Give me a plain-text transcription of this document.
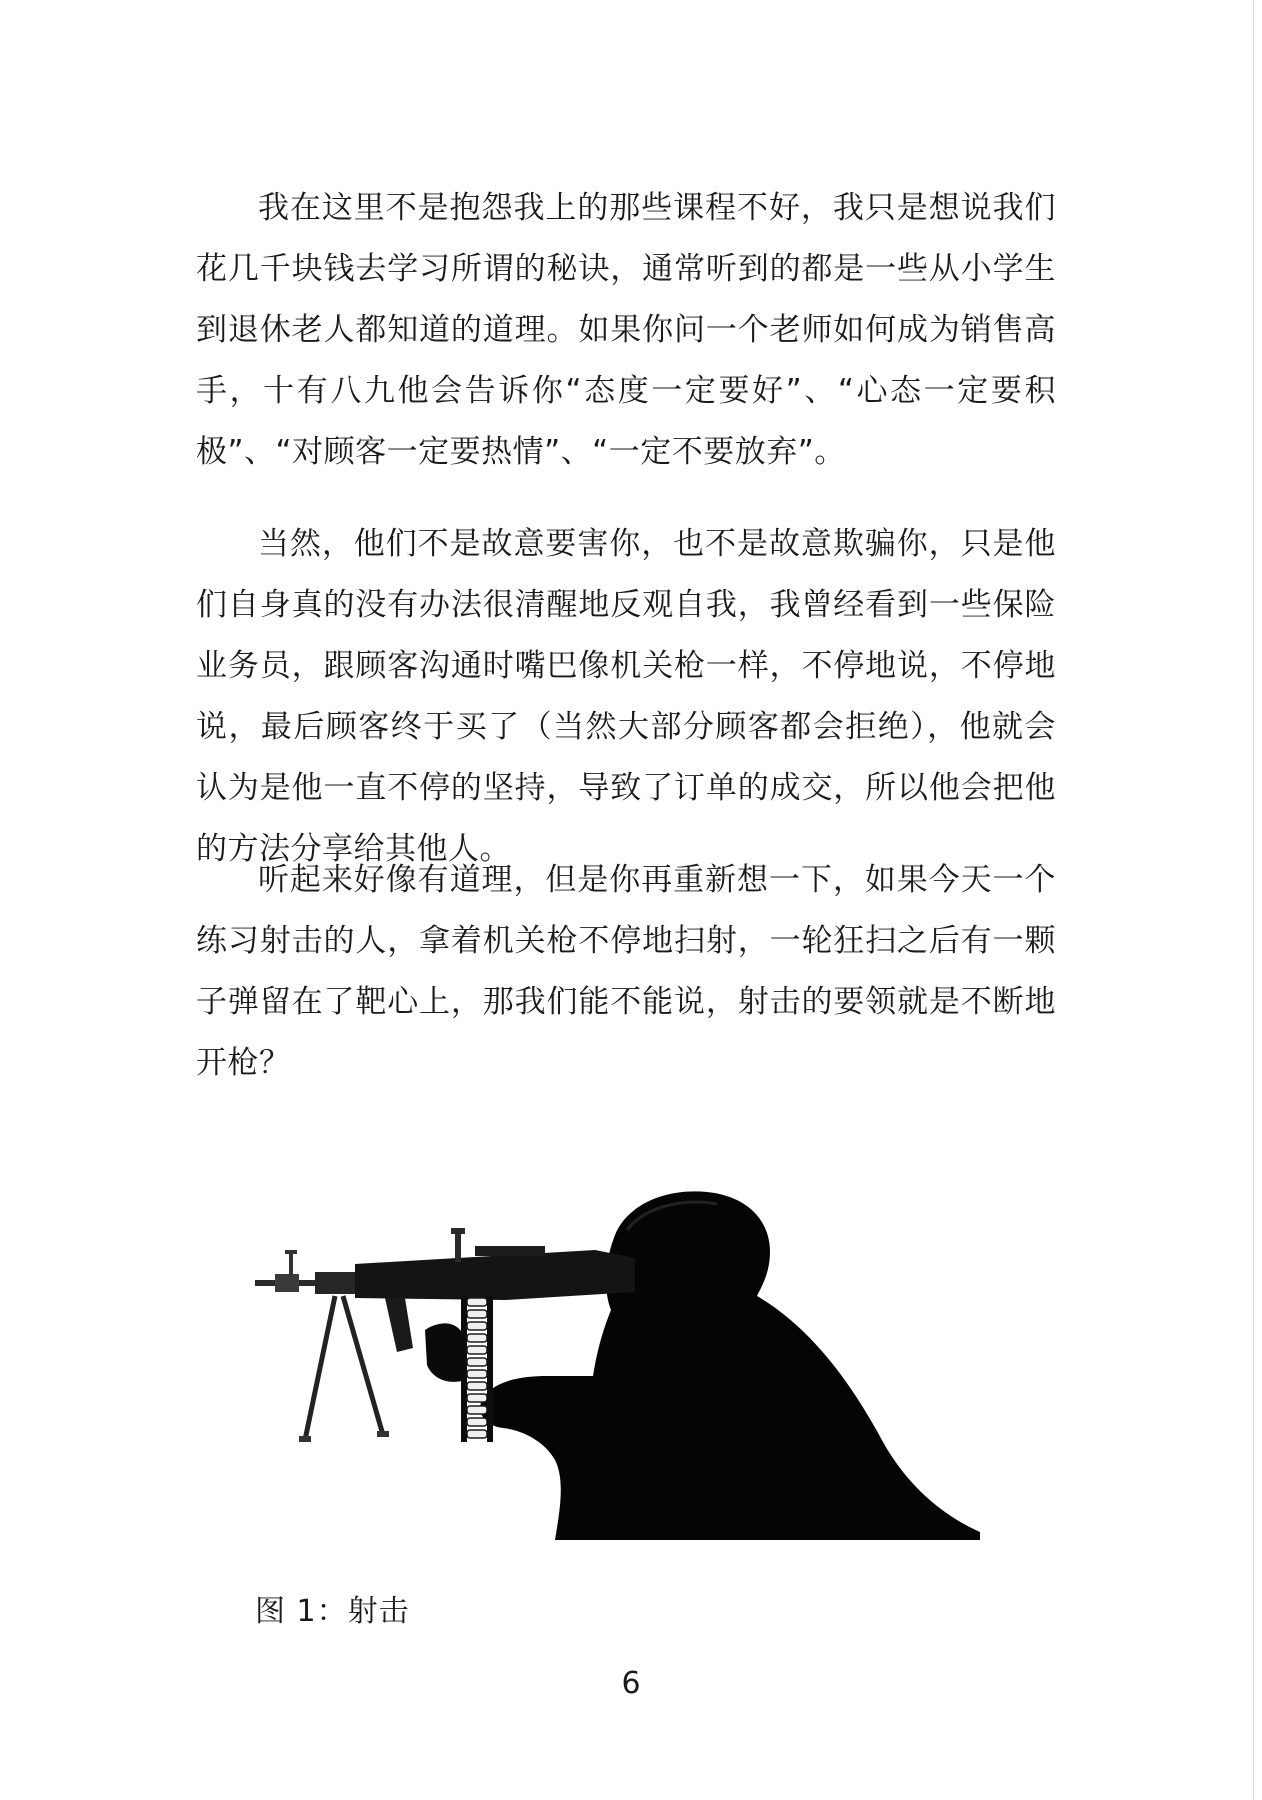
我在这里不是抱怨我上的那些课程不好，我只是想说我们花几千块钱去学习所谓的秘诀，通常听到的都是一些从小学生到退休老人都知道的道理。如果你问一个老师如何成为销售高手，十有八九他会告诉你“态度一定要好”、“心态一定要积极”、“对顾客一定要热情”、“一定不要放弃”。

当然，他们不是故意要害你，也不是故意欺骗你，只是他们自身真的没有办法很清醒地反观自我，我曾经看到一些保险业务员，跟顾客沟通时嘴巴像机关枪一样，不停地说，不停地说，最后顾客终于买了（当然大部分顾客都会拒绝），他就会认为是他一直不停的坚持，导致了订单的成交，所以他会把他的方法分享给其他人。

听起来好像有道理，但是你再重新想一下，如果今天一个练习射击的人，拿着机关枪不停地扫射，一轮狂扫之后有一颗子弹留在了靶心上，那我们能不能说，射击的要领就是不断地开枪？

图 1：射击
6
